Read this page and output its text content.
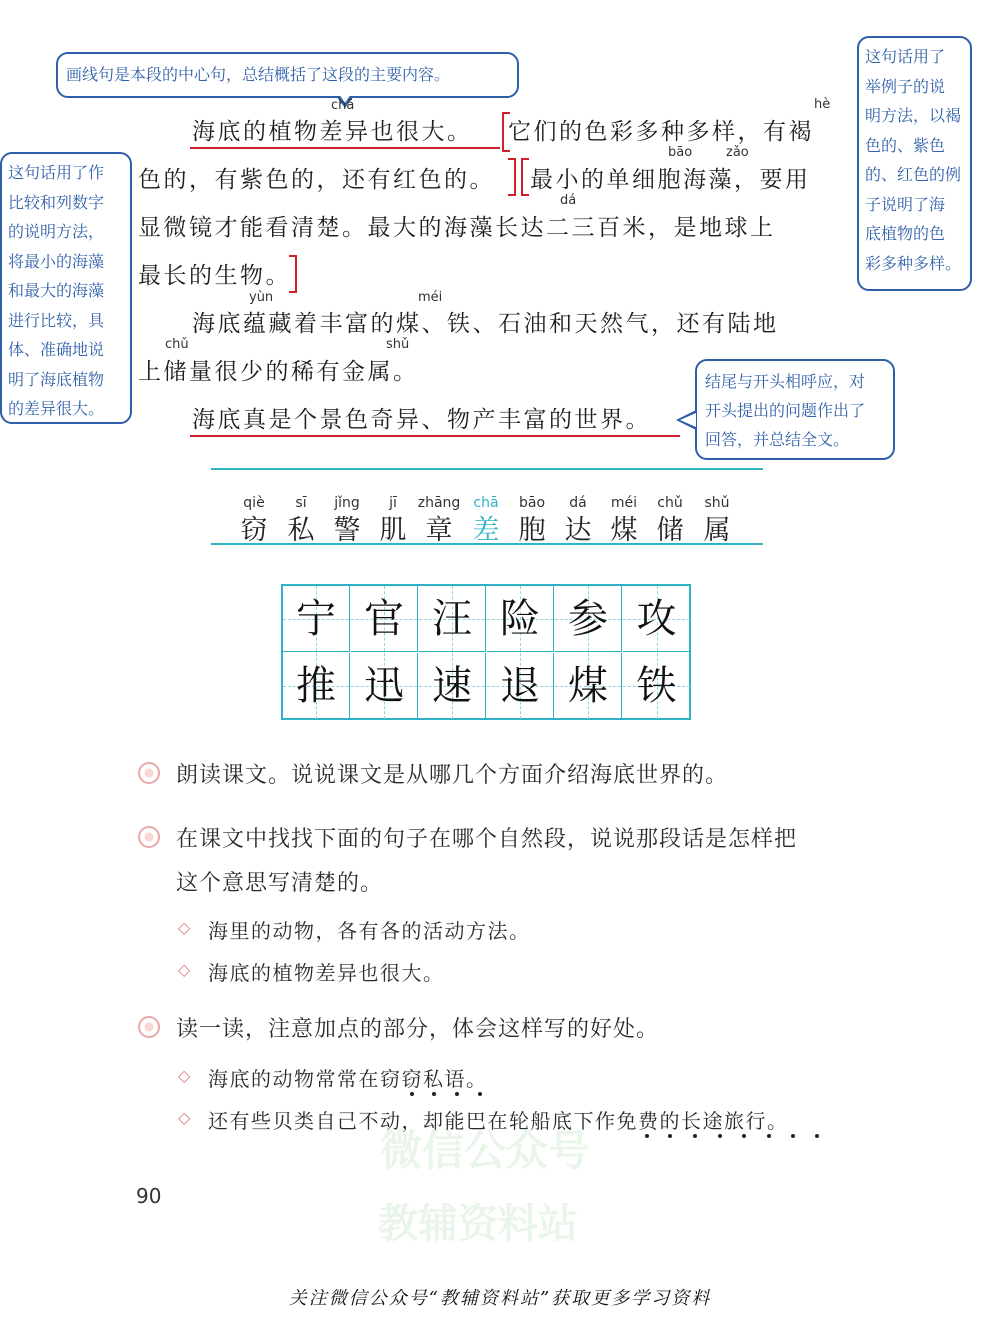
画线句是本段的中心句，总结概括了这段的主要内容。
这句话用了作
比较和列数字
的说明方法，
将最小的海藻
和最大的海藻
进行比较，具
体、准确地说
明了海底植物
的差异很大。
这句话用了
举例子的说
明方法，以褐
色的、紫色
的、红色的例
子说明了海
底植物的色
彩多种多样。
结尾与开头相呼应，对
开头提出的问题作出了
回答，并总结全文。
chā	hè
bāo	zǎo
dá
yùn	méi
chǔ	shǔ
海底的植物差异也很大。 它们的色彩多种多样，有褐
色的，有紫色的，还有红色的。 最小的单细胞海藻，要用
显微镜才能看清楚。最大的海藻长达二三百米，是地球上
最长的生物。
海底蕴藏着丰富的煤、铁、石油和天然气，还有陆地
上储量很少的稀有金属。
海底真是个景色奇异、物产丰富的世界。
qiè
窃
sī
私
jǐng
警
jī
肌
zhāng
章
chā
差
bāo
胞
dá
达
méi
煤
chǔ
储
shǔ
属
宁 官 汪 险 参 攻
推 迅 速 退 煤 铁
微信公众号
教辅资料站
朗读课文。说说课文是从哪几个方面介绍海底世界的。
在课文中找找下面的句子在哪个自然段，说说那段话是怎样把
这个意思写清楚的。
◇ 海里的动物，各有各的活动方法。
◇ 海底的植物差异也很大。
读一读，注意加点的部分，体会这样写的好处。
◇ 海底的动物常常在窃窃私语。
◇ 还有些贝类自己不动，却能巴在轮船底下作免费的长途旅行。
90
关注微信公众号“教辅资料站”获取更多学习资料
